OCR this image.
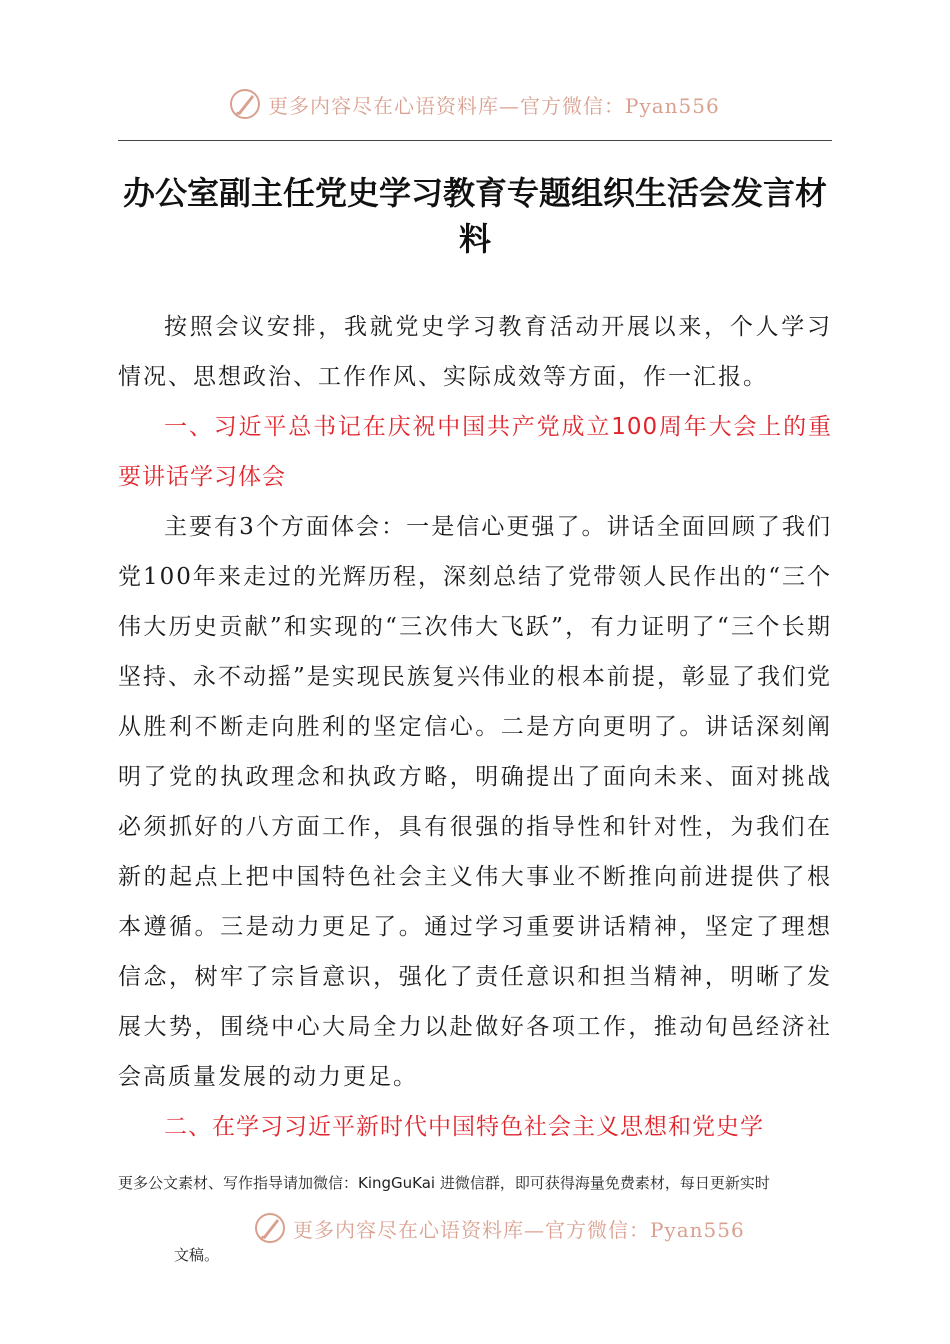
更多内容尽在心语资料库—官方微信：Pyan556
办公室副主任党史学习教育专题组织生活会发言材料

按照会议安排，我就党史学习教育活动开展以来，个人学习情况、思想政治、工作作风、实际成效等方面，作一汇报。

一、习近平总书记在庆祝中国共产党成立100周年大会上的重要讲话学习体会

主要有3个方面体会：一是信心更强了。讲话全面回顾了我们党100年来走过的光辉历程，深刻总结了党带领人民作出的“三个伟大历史贡献”和实现的“三次伟大飞跃”，有力证明了“三个长期坚持、永不动摇”是实现民族复兴伟业的根本前提，彰显了我们党从胜利不断走向胜利的坚定信心。二是方向更明了。讲话深刻阐明了党的执政理念和执政方略，明确提出了面向未来、面对挑战必须抓好的八方面工作，具有很强的指导性和针对性，为我们在新的起点上把中国特色社会主义伟大事业不断推向前进提供了根本遵循。三是动力更足了。通过学习重要讲话精神，坚定了理想信念，树牢了宗旨意识，强化了责任意识和担当精神，明晰了发展大势，围绕中心大局全力以赴做好各项工作，推动旬邑经济社会高质量发展的动力更足。

二、在学习习近平新时代中国特色社会主义思想和党史学
更多公文素材、写作指导请加微信：KingGuKai 进微信群，即可获得海量免费素材，每日更新实时
更多内容尽在心语资料库—官方微信：Pyan556
文稿。
